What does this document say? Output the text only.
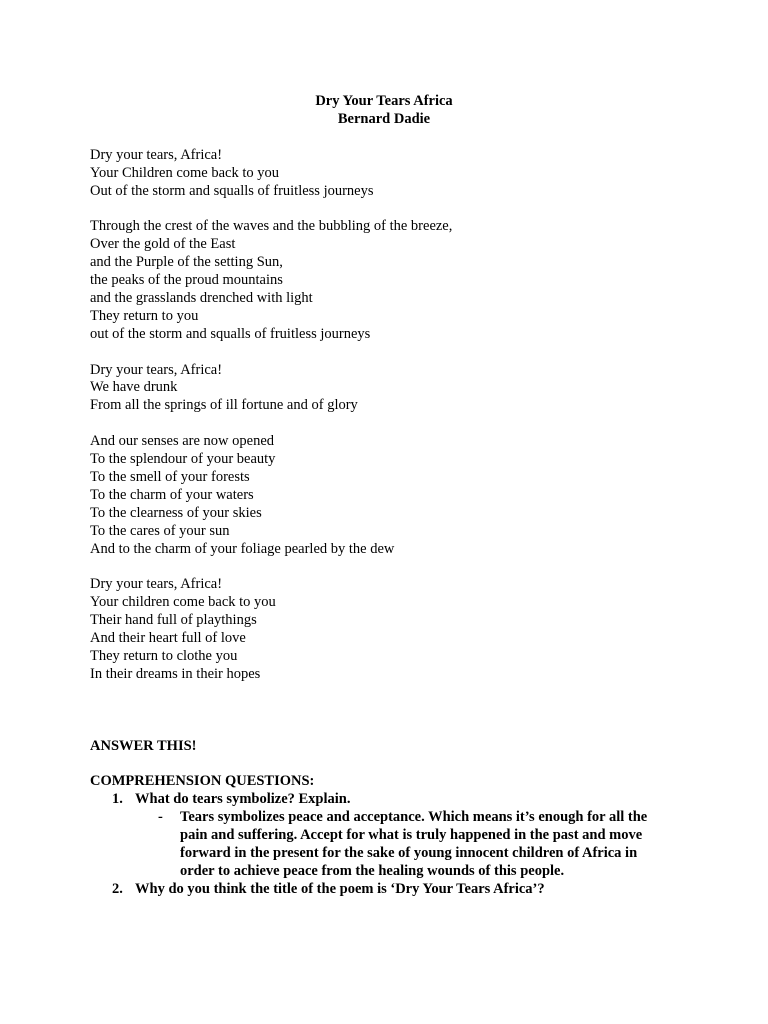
Dry Your Tears Africa
Bernard Dadie
Dry your tears, Africa!
Your Children come back to you
Out of the storm and squalls of fruitless journeys
Through the crest of the waves and the bubbling of the breeze,
Over the gold of the East
and the Purple of the setting Sun,
the peaks of the proud mountains
and the grasslands drenched with light
They return to you
out of the storm and squalls of fruitless journeys
Dry your tears, Africa!
We have drunk
From all the springs of ill fortune and of glory
And our senses are now opened
To the splendour of your beauty
To the smell of your forests
To the charm of your waters
To the clearness of your skies
To the cares of your sun
And to the charm of your foliage pearled by the dew
Dry your tears, Africa!
Your children come back to you
Their hand full of playthings
And their heart full of love
They return to clothe you
In their dreams in their hopes
ANSWER THIS!
COMPREHENSION QUESTIONS:
1. What do tears symbolize? Explain.
- Tears symbolizes peace and acceptance. Which means it’s enough for all the
pain and suffering. Accept for what is truly happened in the past and move
forward in the present for the sake of young innocent children of Africa in
order to achieve peace from the healing wounds of this people.
2. Why do you think the title of the poem is ‘Dry Your Tears Africa’?
